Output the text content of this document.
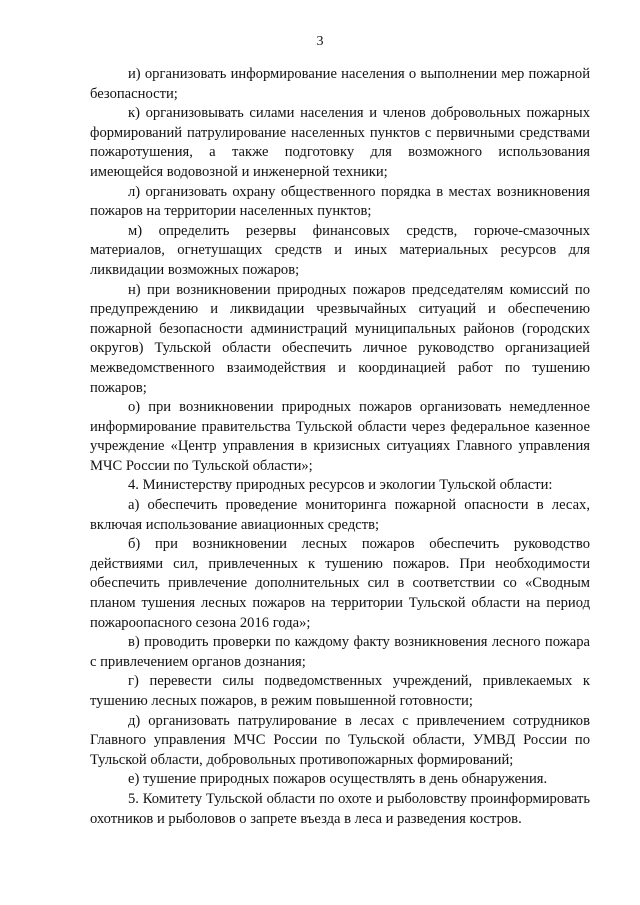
3

и) организовать информирование населения о выполнении мер пожарной безопасности;

к) организовывать силами населения и членов добровольных пожарных формирований патрулирование населенных пунктов с первичными средствами пожаротушения, а также подготовку для возможного использования имеющейся водовозной и инженерной техники;

л) организовать охрану общественного порядка в местах возникновения пожаров на территории населенных пунктов;

м) определить резервы финансовых средств, горюче-смазочных материалов, огнетушащих средств и иных материальных ресурсов для ликвидации возможных пожаров;

н) при возникновении природных пожаров председателям комиссий по предупреждению и ликвидации чрезвычайных ситуаций и обеспечению пожарной безопасности администраций муниципальных районов (городских округов) Тульской области обеспечить личное руководство организацией межведомственного взаимодействия и координацией работ по тушению пожаров;

о) при возникновении природных пожаров организовать немедленное информирование правительства Тульской области через федеральное казенное учреждение «Центр управления в кризисных ситуациях Главного управления МЧС России по Тульской области»;

4. Министерству природных ресурсов и экологии Тульской области:

а) обеспечить проведение мониторинга пожарной опасности в лесах, включая использование авиационных средств;

б) при возникновении лесных пожаров обеспечить руководство действиями сил, привлеченных к тушению пожаров. При необходимости обеспечить привлечение дополнительных сил в соответствии со «Сводным планом тушения лесных пожаров на территории Тульской области на период пожароопасного сезона 2016 года»;

в) проводить проверки по каждому факту возникновения лесного пожара с привлечением органов дознания;

г) перевести силы подведомственных учреждений, привлекаемых к тушению лесных пожаров, в режим повышенной готовности;

д) организовать патрулирование в лесах с привлечением сотрудников Главного управления МЧС России по Тульской области, УМВД России по Тульской области, добровольных противопожарных формирований;

е) тушение природных пожаров осуществлять в день обнаружения.

5. Комитету Тульской области по охоте и рыболовству проинформировать охотников и рыболовов о запрете въезда в леса и разведения костров.
